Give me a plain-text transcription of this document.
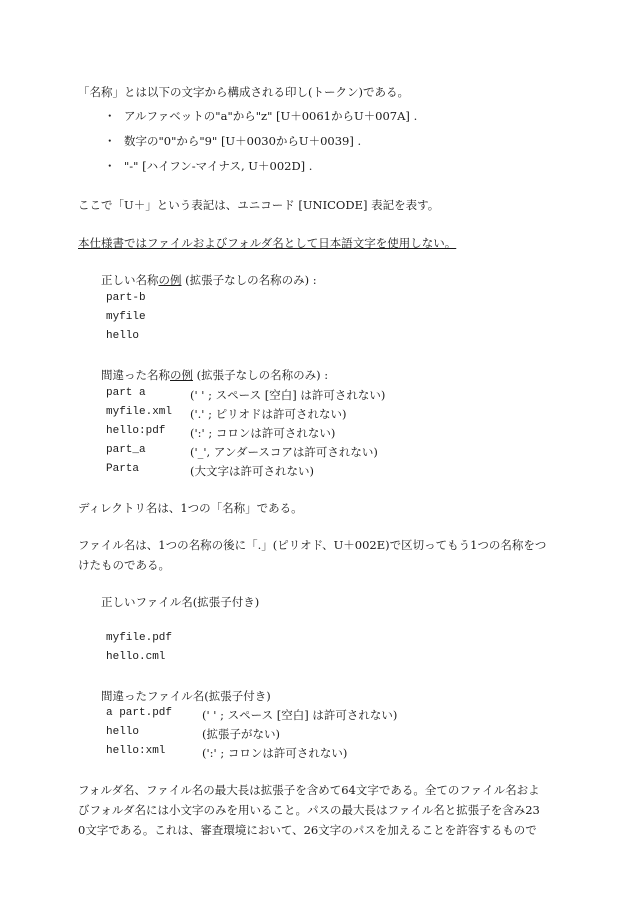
「名称」とは以下の文字から構成される印し(トークン)である。
・ アルファベットの"a"から"z" [U＋0061からU＋007A] .
・ 数字の"0"から"9" [U＋0030からU＋0039] .
・ "-" [ハイフン-マイナス, U＋002D] .
ここで「U＋」という表記は、ユニコード [UNICODE] 表記を表す。
本仕様書ではファイルおよびフォルダ名として日本語文字を使用しない。
正しい名称の例 (拡張子なしの名称のみ) :
part-b
myfile
hello
間違った名称の例 (拡張子なしの名称のみ) :
part a	(' ' ; スペース [空白] は許可されない)
myfile.xml ('.' ; ピリオドは許可されない)
hello:pdf (':' ; コロンは許可されない)
part_a	('_', アンダースコアは許可されない)
Parta	(大文字は許可されない)
ディレクトリ名は、1つの「名称」である。
ファイル名は、1つの名称の後に「.」(ピリオド、U＋002E)で区切ってもう1つの名称をつ
けたものである。
正しいファイル名(拡張子付き)
myfile.pdf
hello.cml
間違ったファイル名(拡張子付き)
a part.pdf	(' ' ; スペース [空白] は許可されない)
hello	(拡張子がない)
hello:xml	(':' ; コロンは許可されない)
フォルダ名、ファイル名の最大長は拡張子を含めて64文字である。全てのファイル名およ
びフォルダ名には小文字のみを用いること。パスの最大長はファイル名と拡張子を含み23
0文字である。これは、審査環境において、26文字のパスを加えることを許容するもので
